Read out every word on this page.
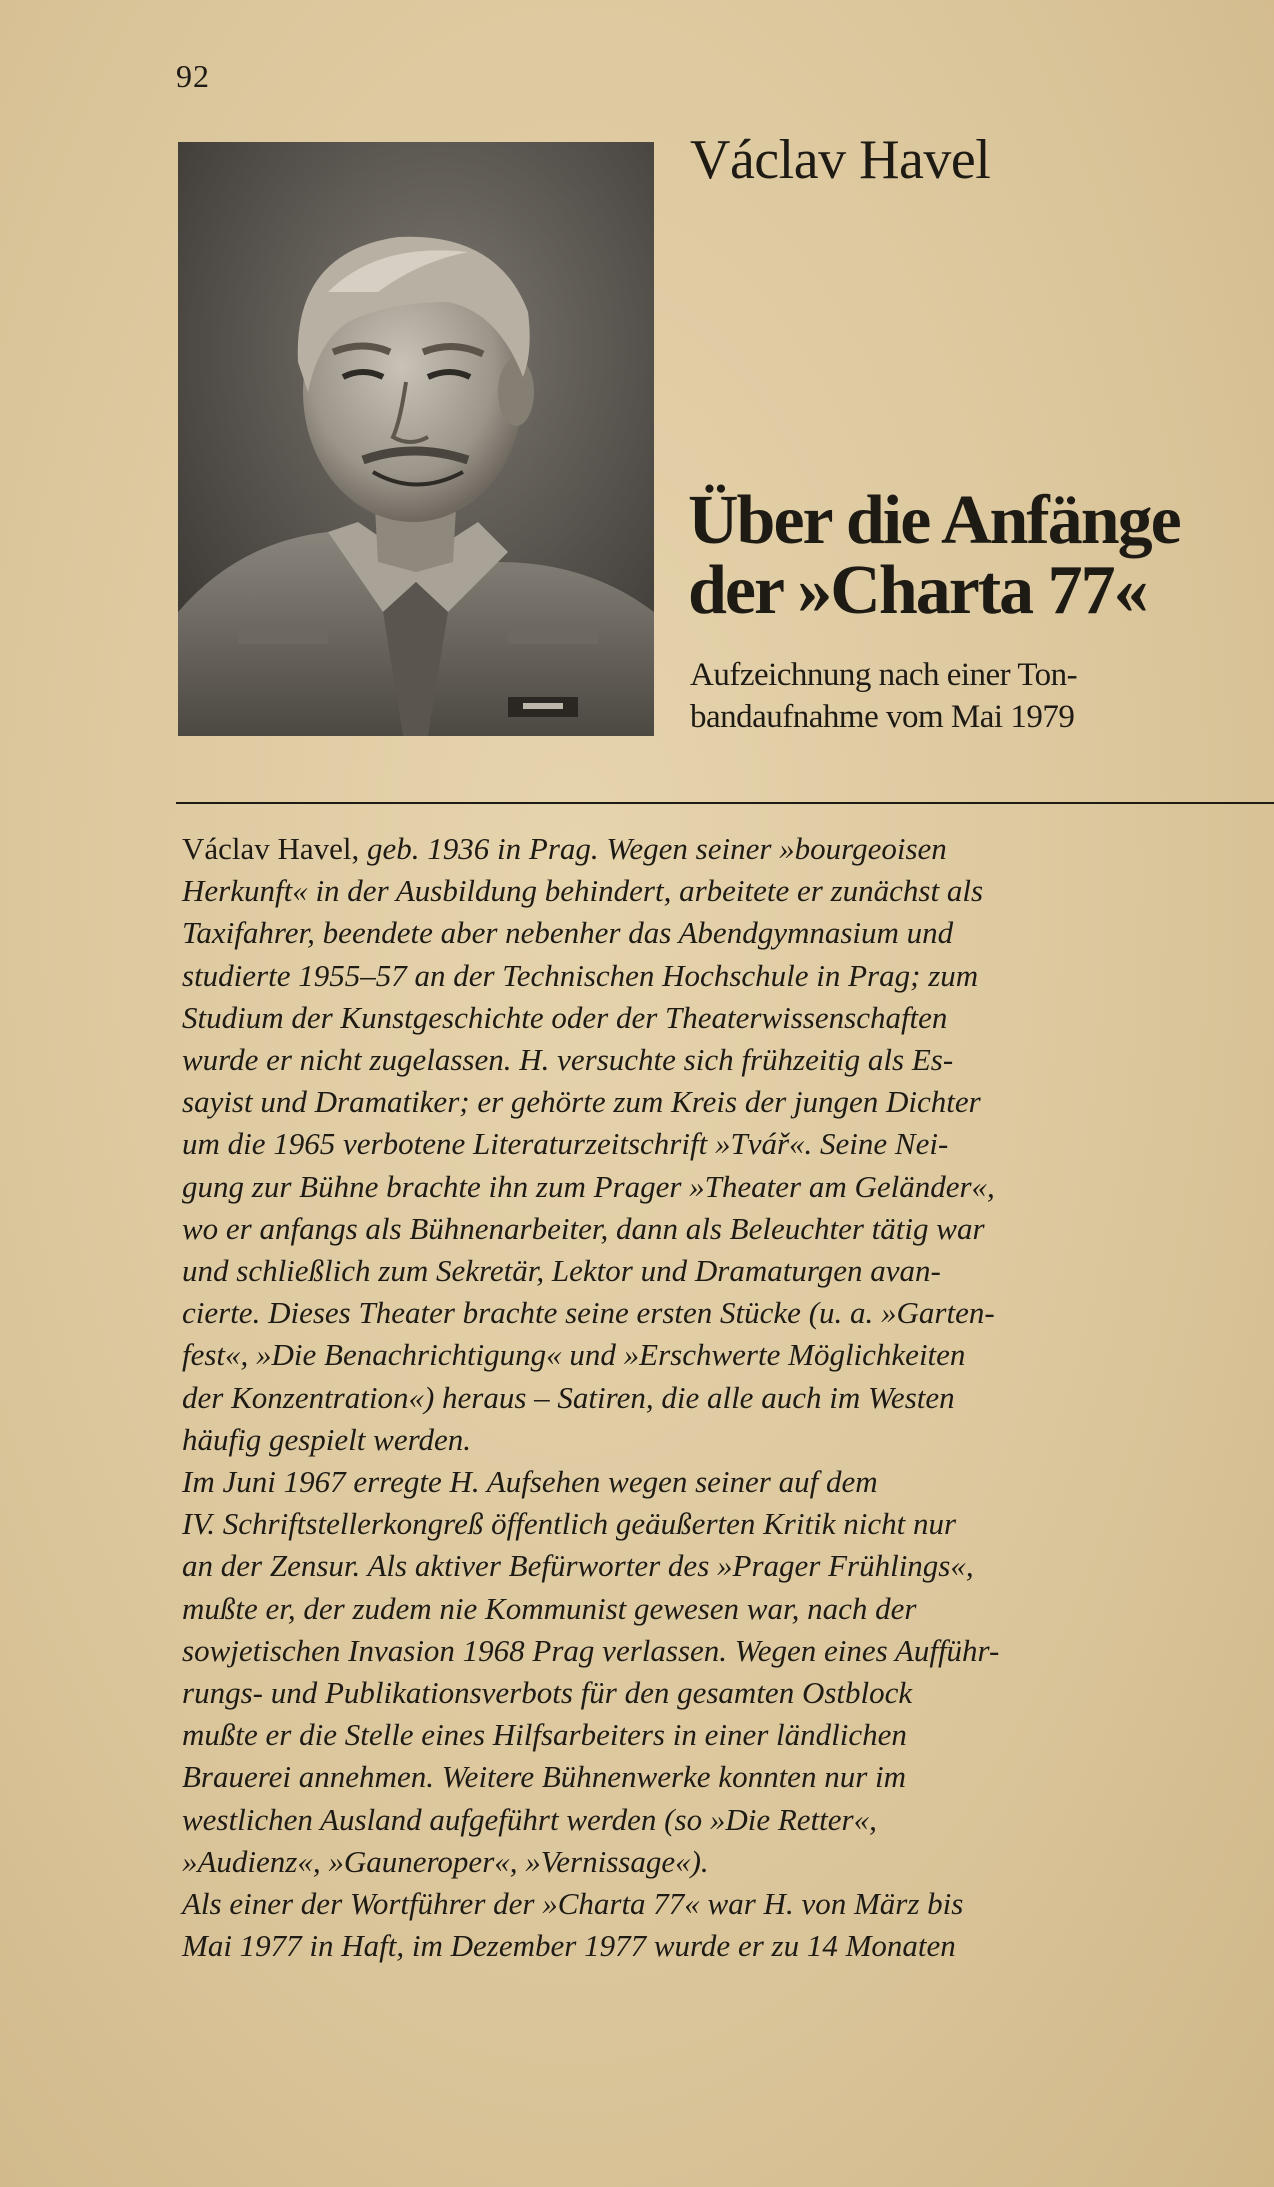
92
Václav Havel
Über die Anfänge
der »Charta 77«
Aufzeichnung nach einer Ton-
bandaufnahme vom Mai 1979
Václav Havel, geb. 1936 in Prag. Wegen seiner »bourgeoisen
Herkunft« in der Ausbildung behindert, arbeitete er zunächst als
Taxifahrer, beendete aber nebenher das Abendgymnasium und
studierte 1955–57 an der Technischen Hochschule in Prag; zum
Studium der Kunstgeschichte oder der Theaterwissenschaften
wurde er nicht zugelassen. H. versuchte sich frühzeitig als Es-
sayist und Dramatiker; er gehörte zum Kreis der jungen Dichter
um die 1965 verbotene Literaturzeitschrift »Tvář«. Seine Nei-
gung zur Bühne brachte ihn zum Prager »Theater am Geländer«,
wo er anfangs als Bühnenarbeiter, dann als Beleuchter tätig war
und schließlich zum Sekretär, Lektor und Dramaturgen avan-
cierte. Dieses Theater brachte seine ersten Stücke (u. a. »Garten-
fest«, »Die Benachrichtigung« und »Erschwerte Möglichkeiten
der Konzentration«) heraus – Satiren, die alle auch im Westen
häufig gespielt werden.
Im Juni 1967 erregte H. Aufsehen wegen seiner auf dem
IV. Schriftstellerkongreß öffentlich geäußerten Kritik nicht nur
an der Zensur. Als aktiver Befürworter des »Prager Frühlings«,
mußte er, der zudem nie Kommunist gewesen war, nach der
sowjetischen Invasion 1968 Prag verlassen. Wegen eines Aufführ-
rungs- und Publikationsverbots für den gesamten Ostblock
mußte er die Stelle eines Hilfsarbeiters in einer ländlichen
Brauerei annehmen. Weitere Bühnenwerke konnten nur im
westlichen Ausland aufgeführt werden (so »Die Retter«,
»Audienz«, »Gauneroper«, »Vernissage«).
Als einer der Wortführer der »Charta 77« war H. von März bis
Mai 1977 in Haft, im Dezember 1977 wurde er zu 14 Monaten
